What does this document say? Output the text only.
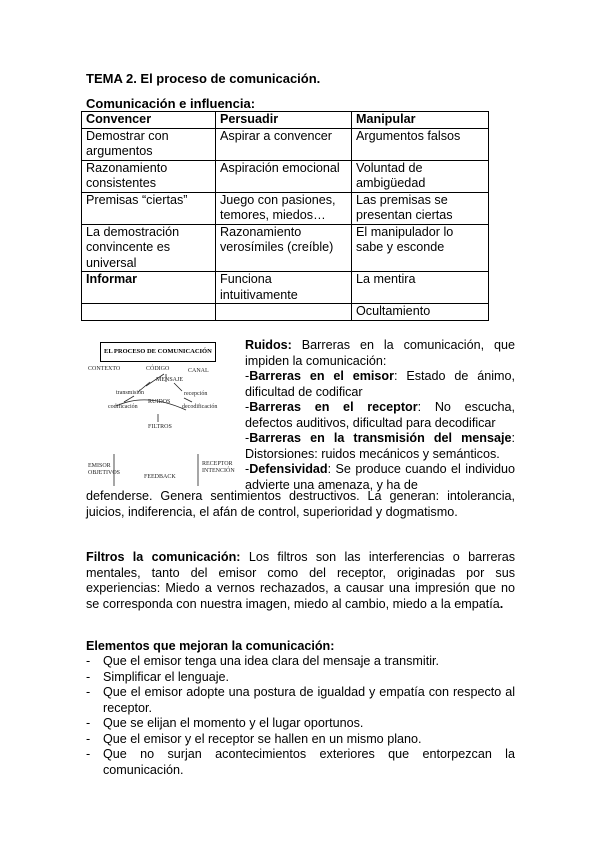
TEMA 2. El proceso de comunicación.
Comunicación e influencia:
Convencer	Persuadir	Manipular
Demostrar con argumentos	Aspirar a convencer	Argumentos falsos
Razonamiento consistentes	Aspiración emocional	Voluntad de ambigüedad
Premisas “ciertas”	Juego con pasiones, temores, miedos…	Las premisas se presentan ciertas
La demostración convincente es universal	Razonamiento verosímiles (creíble)	El manipulador lo sabe y esconde
Informar	Funciona intuitivamente	La mentira
		Ocultamiento
EL PROCESO DE COMUNICACIÓN
CONTEXTO	CÓDIGO	CANAL
MENSAJE
transmisión	recepción
codificación	decodificación
RUIDOS
FILTROS
EMISOR
OBJETIVOS
FEEDBACK
RECEPTOR
INTENCIÓN

Ruidos: Barreras en la comunicación, que impiden la comunicación:

-Barreras en el emisor: Estado de ánimo, dificultad de codificar

-Barreras en el receptor: No escucha, defectos auditivos, dificultad para decodificar

-Barreras en la transmisión del mensaje: Distorsiones: ruidos mecánicos y semánticos.

-Defensividad: Se produce cuando el individuo advierte una amenaza, y ha de

defenderse. Genera sentimientos destructivos. La generan: intolerancia, juicios, indiferencia, el afán de control, superioridad y dogmatismo.

Filtros la comunicación: Los filtros son las interferencias o barreras mentales, tanto del emisor como del receptor, originadas por sus experiencias: Miedo a vernos rechazados, a causar una impresión que no se corresponda con nuestra imagen, miedo al cambio, miedo a la empatía.

Elementos que mejoran la comunicación:
- Que el emisor tenga una idea clara del mensaje a transmitir.
- Simplificar el lenguaje.
- Que el emisor adopte una postura de igualdad y empatía con respecto al receptor.
- Que se elijan el momento y el lugar oportunos.
- Que el emisor y el receptor se hallen en un mismo plano.
- Que no surjan acontecimientos exteriores que entorpezcan la comunicación.
